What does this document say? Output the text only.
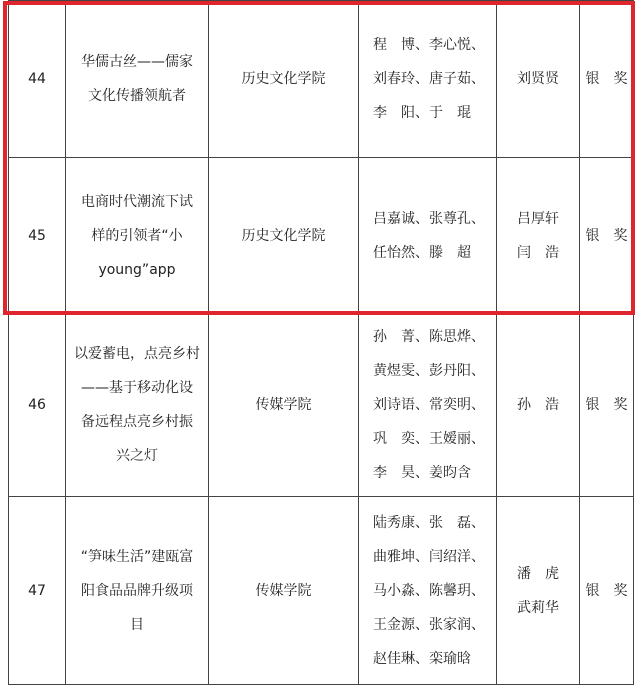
44	华儒古丝——儒家
文化传播领航者	历史文化学院	程　博、李心悦、
刘春玲、唐子茹、
李　阳、于　琨	刘贤贤	银　奖
45	电商时代潮流下试
样的引领者“小
young”app	历史文化学院	吕嘉诚、张尊孔、
任怡然、滕　超	吕厚轩
闫　浩	银　奖
46	以爱蓄电，点亮乡村
——基于移动化设
备远程点亮乡村振
兴之灯	传媒学院	孙　菁、陈思烨、
黄煜雯、彭丹阳、
刘诗语、常奕明、
巩　奕、王嫒丽、
李　昊、姜昀含	孙　浩	银　奖
47	“笋味生活”建瓯富
阳食品品牌升级项
目	传媒学院	陆秀康、张　磊、
曲雅坤、闫绍洋、
马小淼、陈馨玥、
王金源、张家润、
赵佳琳、栾瑜晗	潘　虎
武莉华	银　奖
